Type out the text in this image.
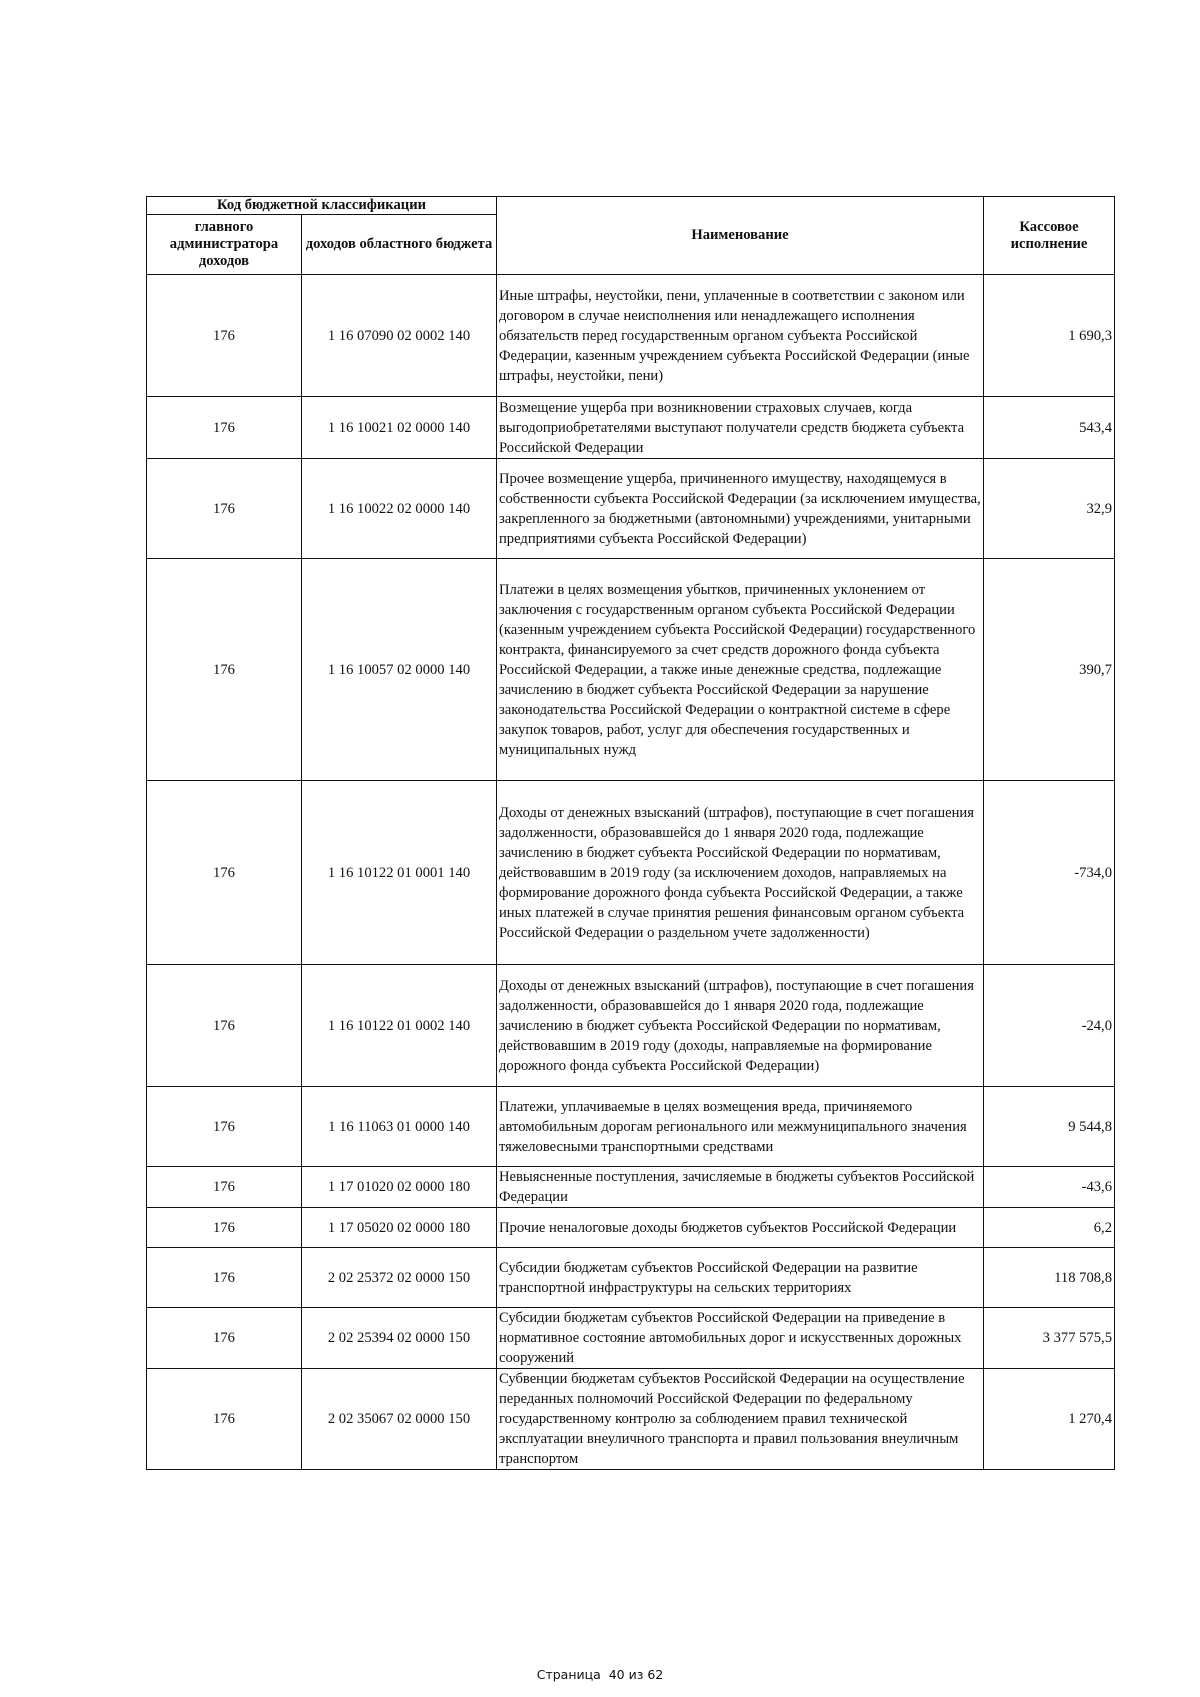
Код бюджетной классификации		Наименование	Кассовое исполнение
главного администратора доходов	доходов областного бюджета		
176	1 16 07090 02 0002 140	Иные штрафы, неустойки, пени, уплаченные в соответствии с законом или договором в случае неисполнения или ненадлежащего исполнения обязательств перед государственным органом субъекта Российской Федерации, казенным учреждением субъекта Российской Федерации (иные штрафы, неустойки, пени)	1 690,3
176	1 16 10021 02 0000 140	Возмещение ущерба при возникновении страховых случаев, когда выгодоприобретателями выступают получатели средств бюджета субъекта Российской Федерации	543,4
176	1 16 10022 02 0000 140	Прочее возмещение ущерба, причиненного имуществу, находящемуся в собственности субъекта Российской Федерации (за исключением имущества, закрепленного за бюджетными (автономными) учреждениями, унитарными предприятиями субъекта Российской Федерации)	32,9
176	1 16 10057 02 0000 140	Платежи в целях возмещения убытков, причиненных уклонением от заключения с государственным органом субъекта Российской Федерации (казенным учреждением субъекта Российской Федерации) государственного контракта, финансируемого за счет средств дорожного фонда субъекта Российской Федерации, а также иные денежные средства, подлежащие зачислению в бюджет субъекта Российской Федерации за нарушение законодательства Российской Федерации о контрактной системе в сфере закупок товаров, работ, услуг для обеспечения государственных и муниципальных нужд	390,7
176	1 16 10122 01 0001 140	Доходы от денежных взысканий (штрафов), поступающие в счет погашения задолженности, образовавшейся до 1 января 2020 года, подлежащие зачислению в бюджет субъекта Российской Федерации по нормативам, действовавшим в 2019 году (за исключением доходов, направляемых на формирование дорожного фонда субъекта Российской Федерации, а также иных платежей в случае принятия решения финансовым органом субъекта Российской Федерации о раздельном учете задолженности)	-734,0
176	1 16 10122 01 0002 140	Доходы от денежных взысканий (штрафов), поступающие в счет погашения задолженности, образовавшейся до 1 января 2020 года, подлежащие зачислению в бюджет субъекта Российской Федерации по нормативам, действовавшим в 2019 году (доходы, направляемые на формирование дорожного фонда субъекта Российской Федерации)	-24,0
176	1 16 11063 01 0000 140	Платежи, уплачиваемые в целях возмещения вреда, причиняемого автомобильным дорогам регионального или межмуниципального значения тяжеловесными транспортными средствами	9 544,8
176	1 17 01020 02 0000 180	Невыясненные поступления, зачисляемые в бюджеты субъектов Российской Федерации	-43,6
176	1 17 05020 02 0000 180	Прочие неналоговые доходы бюджетов субъектов Российской Федерации	6,2
176	2 02 25372 02 0000 150	Субсидии бюджетам субъектов Российской Федерации на развитие транспортной инфраструктуры на сельских территориях	118 708,8
176	2 02 25394 02 0000 150	Субсидии бюджетам субъектов Российской Федерации на приведение в нормативное состояние автомобильных дорог и искусственных дорожных сооружений	3 377 575,5
176	2 02 35067 02 0000 150	Субвенции бюджетам субъектов Российской Федерации на осуществление переданных полномочий Российской Федерации по федеральному государственному контролю за соблюдением правил технической эксплуатации внеуличного транспорта и правил пользования внеуличным транспортом	1 270,4
Страница  40 из 62
